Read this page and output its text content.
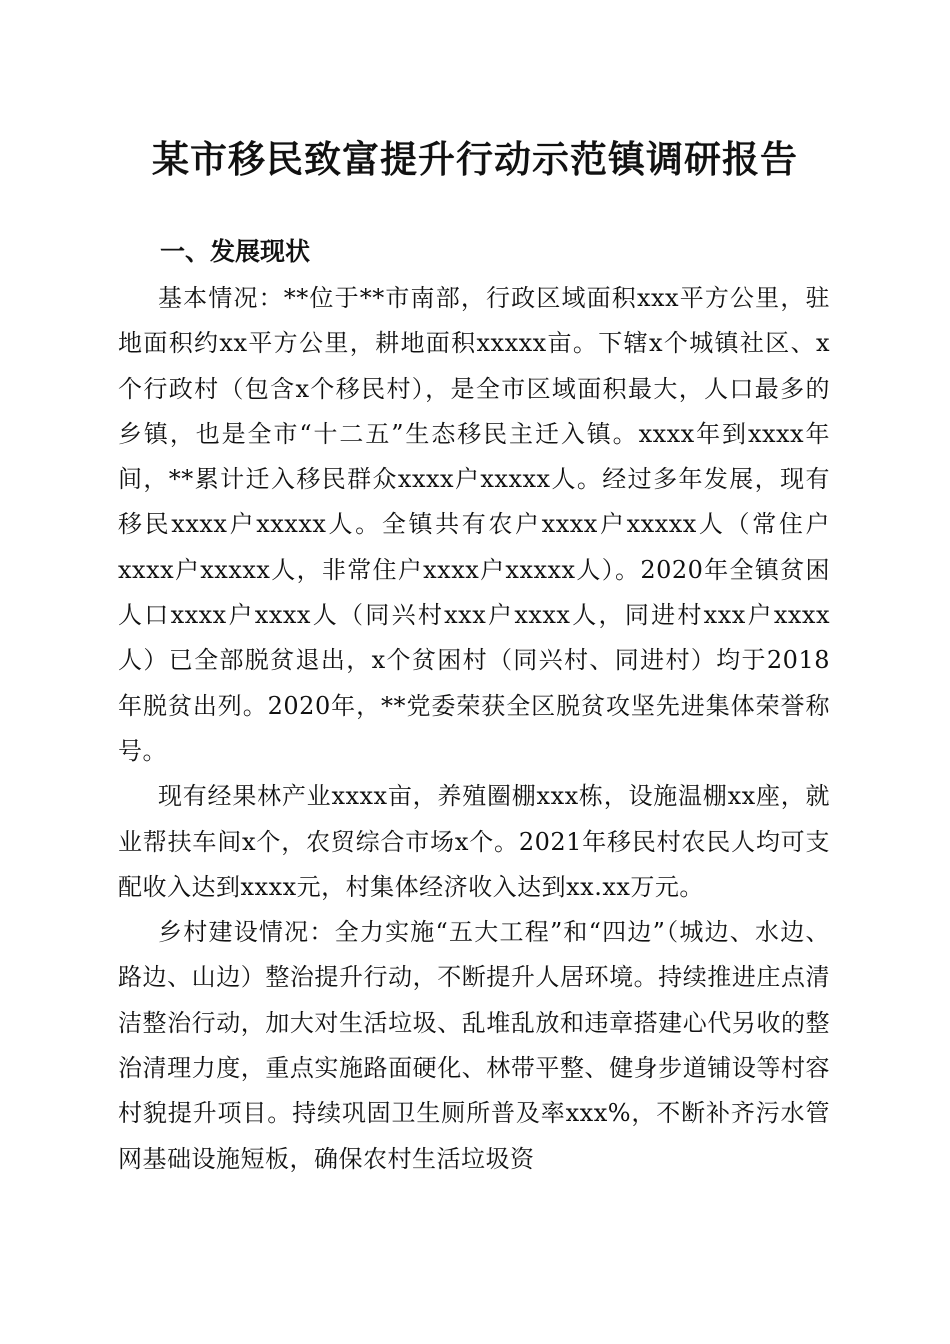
某市移民致富提升行动示范镇调研报告
一、发展现状

基本情况：**位于**市南部，行政区域面积xxx平方公里，驻地面积约xx平方公里，耕地面积xxxxx亩。下辖x个城镇社区、x个行政村（包含x个移民村），是全市区域面积最大，人口最多的乡镇，也是全市“十二五”生态移民主迁入镇。xxxx年到xxxx年间，**累计迁入移民群众xxxx户xxxxx人。经过多年发展，现有移民xxxx户xxxxx人。全镇共有农户xxxx户xxxxx人（常住户xxxx户xxxxx人，非常住户xxxx户xxxxx人）。2020年全镇贫困人口xxxx户xxxx人（同兴村xxx户xxxx人，同进村xxx户xxxx人）已全部脱贫退出，x个贫困村（同兴村、同进村）均于2018年脱贫出列。2020年，**党委荣获全区脱贫攻坚先进集体荣誉称号。

现有经果林产业xxxx亩，养殖圈棚xxx栋，设施温棚xx座，就业帮扶车间x个，农贸综合市场x个。2021年移民村农民人均可支配收入达到xxxx元，村集体经济收入达到xx.xx万元。

乡村建设情况：全力实施“五大工程”和“四边”（城边、水边、路边、山边）整治提升行动，不断提升人居环境。持续推进庄点清洁整治行动，加大对生活垃圾、乱堆乱放和违章搭建心代另收的整治清理力度，重点实施路面硬化、林带平整、健身步道铺设等村容村貌提升项目。持续巩固卫生厕所普及率xxx%，不断补齐污水管网基础设施短板，确保农村生活垃圾资
